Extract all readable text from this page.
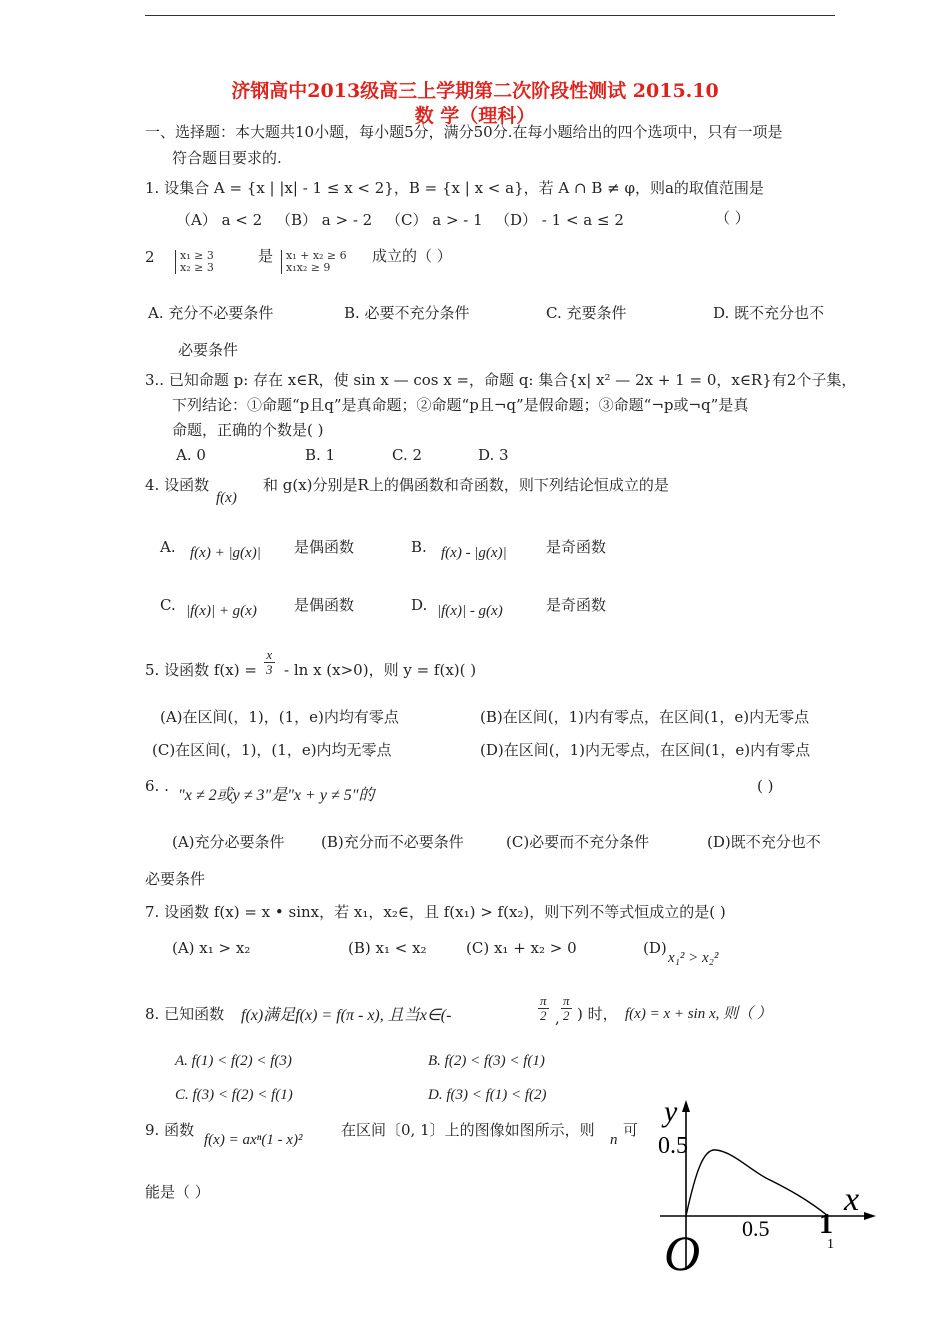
济钢高中2013级高三上学期第二次阶段性测试 2015.10
数 学（理科）
一、选择题：本大题共10小题，每小题5分，满分50分.在每小题给出的四个选项中，只有一项是
符合题目要求的.
1. 设集合 A = {x | |x| - 1 ≤ x < 2}，B = {x | x < a}，若 A ∩ B ≠ φ，则a的取值范围是
（A） a < 2 （B） a > - 2 （C） a > - 1 （D） - 1 < a ≤ 2	（ ）
2	x₁ ≥ 3
x₂ ≥ 3
是	x₁ + x₂ ≥ 6
x₁x₂ ≥ 9
成立的（ ）
A. 充分不必要条件	B. 必要不充分条件	C. 充要条件	D. 既不充分也不
必要条件
3.. 已知命题 p: 存在 x∈R，使 sin x — cos x =，命题 q: 集合{x| x² — 2x + 1 = 0，x∈R}有2个子集，
下列结论：①命题“p且q”是真命题；②命题“p且¬q”是假命题；③命题“¬p或¬q”是真
命题，正确的个数是( )
A. 0	B. 1	C. 2	D. 3
4. 设函数
f(x)
和 g(x)分别是R上的偶函数和奇函数，则下列结论恒成立的是
A. f(x) + |g(x)| 是偶函数	B. f(x) - |g(x)|	是奇函数
C. |f(x)| + g(x) 是偶函数	D. |f(x)| - g(x)	是奇函数
5. 设函数 $f(x) = \frac{x}{3} - \ln x$ (x>0)，则 y = f(x)( )
(A)在区间(，1)，(1，e)内均有零点	(B)在区间(，1)内有零点，在区间(1，e)内无零点
(C)在区间(，1)，(1，e)内均无零点	(D)在区间(，1)内无零点，在区间(1，e)内有零点
6. .
"x ≠ 2或y ≠ 3"是"x + y ≠ 5"的
( )
(A)充分必要条件 (B)充分而不必要条件	(C)必要而不充分条件	(D)既不充分也不
必要条件
7. 设函数 f(x) = x • sinx，若 x₁，x₂∈，且 f(x₁) > f(x₂)，则下列不等式恒成立的是( )
(A) x₁ > x₂	(B) x₁ < x₂	(C) x₁ + x₂ > 0	(D)
x₁² > x₂²
8. 已知函数 f(x)满足f(x) = f(π - x), 且当x∈(-	$\frac{\pi}{2}$ , $\frac{\pi}{2}$ ) 时， f(x) = x + sin x, 则（ ）
A. f(1) < f(2) < f(3)	B. f(2) < f(3) < f(1)
C. f(3) < f(2) < f(1)	D. f(3) < f(1) < f(2)
9. 函数
f(x) = axⁿ(1 - x)²
在区间〔0, 1〕上的图像如图所示，则
n
可
能是（ ）
y
x
0.5
O 0.5 1
1
